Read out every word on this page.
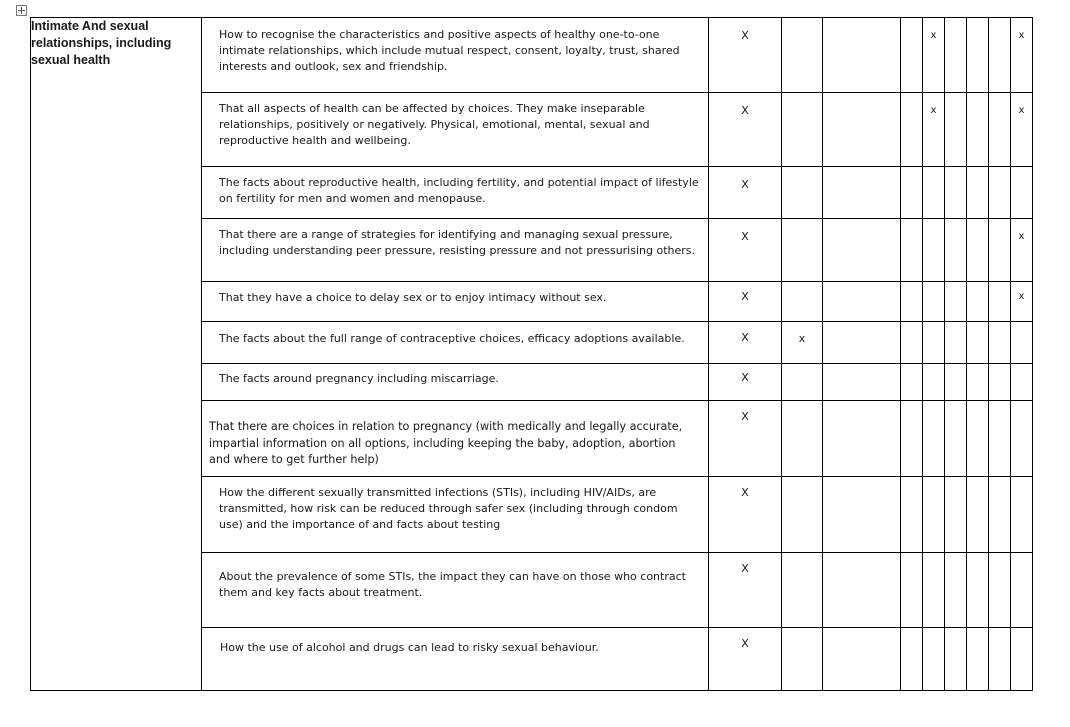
Intimate And sexual relationships, including sexual health	How to recognise the characteristics and positive aspects of healthy one-to-one intimate relationships, which include mutual respect, consent, loyalty, trust, shared interests and outlook, sex and friendship.	X				x				x

	That all aspects of health can be affected by choices. They make inseparable relationships, positively or negatively. Physical, emotional, mental, sexual and reproductive health and wellbeing.	X				x				x

	The facts about reproductive health, including fertility, and potential impact of lifestyle on fertility for men and women and menopause.	X								

	That there are a range of strategies for identifying and managing sexual pressure, including understanding peer pressure, resisting pressure and not pressurising others.	X								x

	That they have a choice to delay sex or to enjoy intimacy without sex.	X								x

	The facts about the full range of contraceptive choices, efficacy adoptions available.	X	x							

	The facts around pregnancy including miscarriage.	X								

	That there are choices in relation to pregnancy (with medically and legally accurate, impartial information on all options, including keeping the baby, adoption, abortion and where to get further help)	X								

	How the different sexually transmitted infections (STIs), including HIV/AIDs, are transmitted, how risk can be reduced through safer sex (including through condom use) and the importance of and facts about testing	X								

	About the prevalence of some STIs, the impact they can have on those who contract them and key facts about treatment.	X								

	How the use of alcohol and drugs can lead to risky sexual behaviour.	X								
